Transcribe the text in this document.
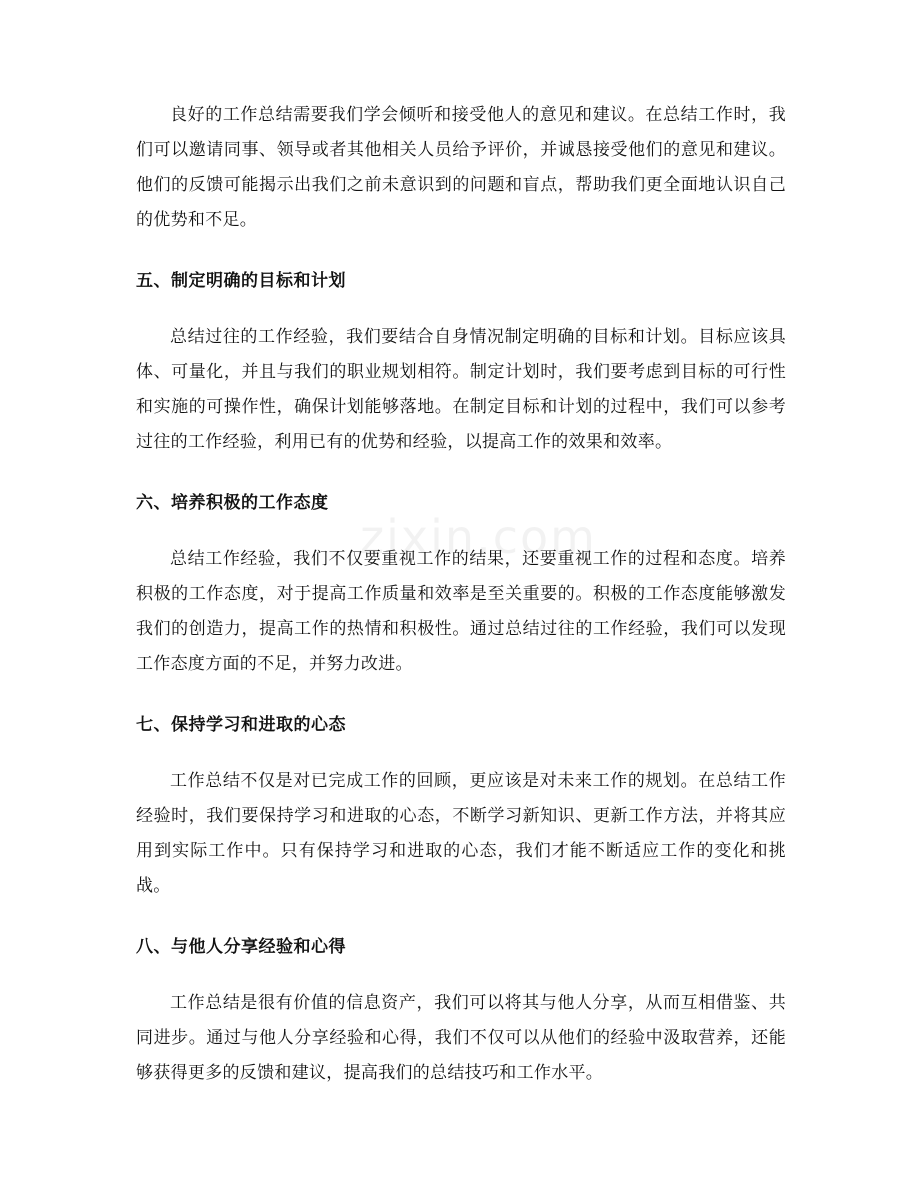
zixin.com

良好的工作总结需要我们学会倾听和接受他人的意见和建议。在总结工作时，我们可以邀请同事、领导或者其他相关人员给予评价，并诚恳接受他们的意见和建议。他们的反馈可能揭示出我们之前未意识到的问题和盲点，帮助我们更全面地认识自己的优势和不足。

五、制定明确的目标和计划

总结过往的工作经验，我们要结合自身情况制定明确的目标和计划。目标应该具体、可量化，并且与我们的职业规划相符。制定计划时，我们要考虑到目标的可行性和实施的可操作性，确保计划能够落地。在制定目标和计划的过程中，我们可以参考过往的工作经验，利用已有的优势和经验，以提高工作的效果和效率。

六、培养积极的工作态度

总结工作经验，我们不仅要重视工作的结果，还要重视工作的过程和态度。培养积极的工作态度，对于提高工作质量和效率是至关重要的。积极的工作态度能够激发我们的创造力，提高工作的热情和积极性。通过总结过往的工作经验，我们可以发现工作态度方面的不足，并努力改进。

七、保持学习和进取的心态

工作总结不仅是对已完成工作的回顾，更应该是对未来工作的规划。在总结工作经验时，我们要保持学习和进取的心态，不断学习新知识、更新工作方法，并将其应用到实际工作中。只有保持学习和进取的心态，我们才能不断适应工作的变化和挑战。

八、与他人分享经验和心得

工作总结是很有价值的信息资产，我们可以将其与他人分享，从而互相借鉴、共同进步。通过与他人分享经验和心得，我们不仅可以从他们的经验中汲取营养，还能够获得更多的反馈和建议，提高我们的总结技巧和工作水平。
